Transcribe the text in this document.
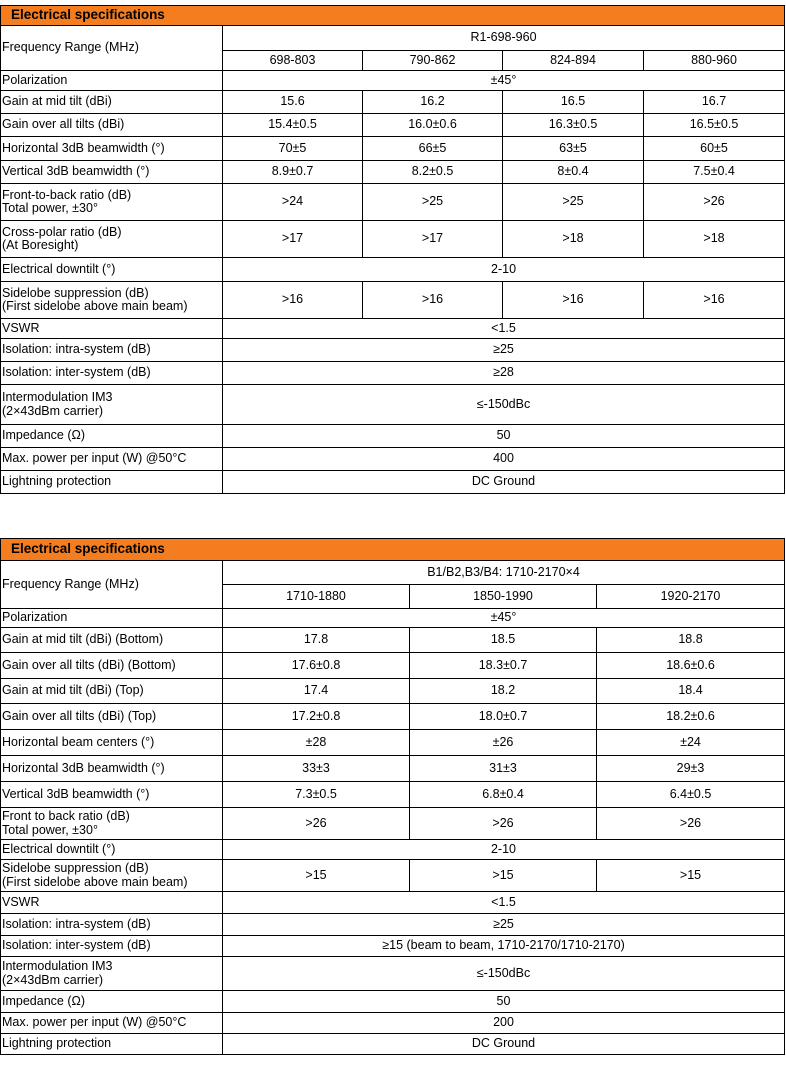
Electrical specifications				
Frequency Range (MHz)	R1-698-960			
	698-803	790-862	824-894	880-960
Polarization	±45°			
Gain at mid tilt (dBi)	15.6	16.2	16.5	16.7
Gain over all tilts (dBi)	15.4±0.5	16.0±0.6	16.3±0.5	16.5±0.5
Horizontal 3dB beamwidth (°)	70±5	66±5	63±5	60±5
Vertical 3dB beamwidth (°)	8.9±0.7	8.2±0.5	8±0.4	7.5±0.4
Front-to-back ratio (dB)
Total power, ±30°	>24	>25	>25	>26
Cross-polar ratio (dB)
(At Boresight)	>17	>17	>18	>18
Electrical downtilt (°)	2-10			
Sidelobe suppression (dB)
(First sidelobe above main beam)	>16	>16	>16	>16
VSWR	<1.5			
Isolation: intra-system (dB)	≥25			
Isolation: inter-system (dB)	≥28			
Intermodulation IM3
(2×43dBm carrier)	≤-150dBc			
Impedance (Ω)	50			
Max. power per input (W) @50°C	400			
Lightning protection	DC Ground			
Electrical specifications			
Frequency Range (MHz)	B1/B2,B3/B4: 1710-2170×4		
	1710-1880	1850-1990	1920-2170
Polarization	±45°		
Gain at mid tilt (dBi) (Bottom)	17.8	18.5	18.8
Gain over all tilts (dBi) (Bottom)	17.6±0.8	18.3±0.7	18.6±0.6
Gain at mid tilt (dBi) (Top)	17.4	18.2	18.4
Gain over all tilts (dBi) (Top)	17.2±0.8	18.0±0.7	18.2±0.6
Horizontal beam centers (°)	±28	±26	±24
Horizontal 3dB beamwidth (°)	33±3	31±3	29±3
Vertical 3dB beamwidth (°)	7.3±0.5	6.8±0.4	6.4±0.5
Front to back ratio (dB)
Total power, ±30°	>26	>26	>26
Electrical downtilt (°)	2-10		
Sidelobe suppression (dB)
(First sidelobe above main beam)	>15	>15	>15
VSWR	<1.5		
Isolation: intra-system (dB)	≥25		
Isolation: inter-system (dB)	≥15 (beam to beam, 1710-2170/1710-2170)		
Intermodulation IM3
(2×43dBm carrier)	≤-150dBc		
Impedance (Ω)	50		
Max. power per input (W) @50°C	200		
Lightning protection	DC Ground		
